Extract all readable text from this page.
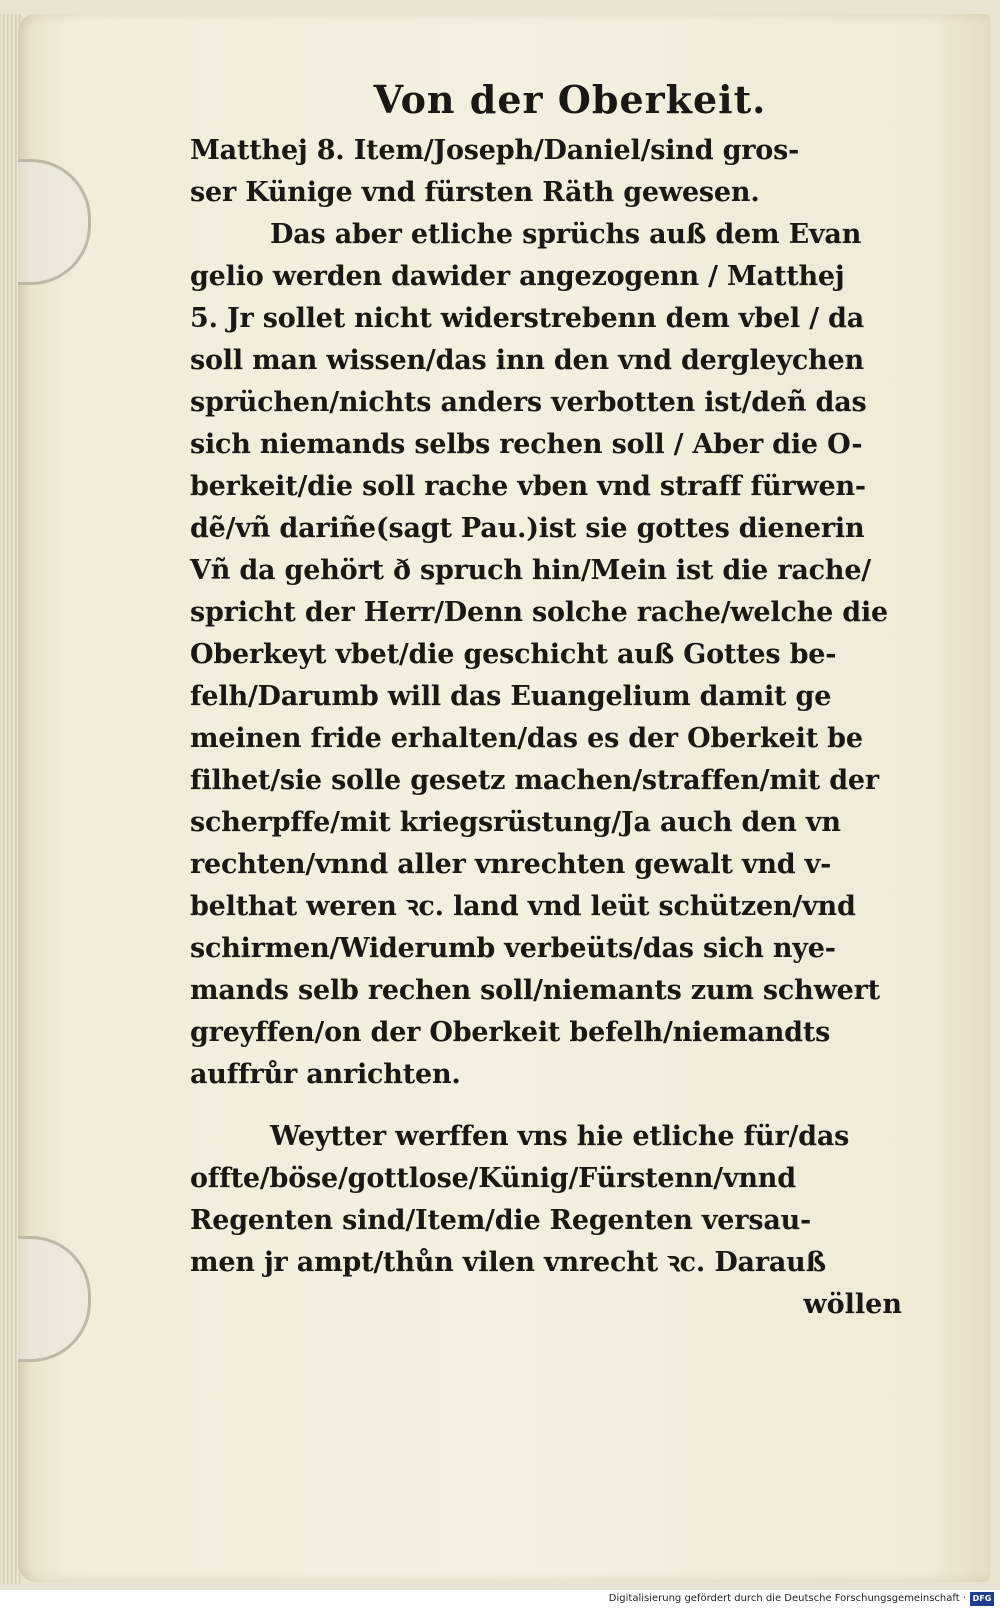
Von der Oberkeit.
Matthej 8. Item/Joseph/Daniel/sind gros-
ser Künige vnd fürsten Räth gewesen.
Das aber etliche sprüchs auß dem Evan
gelio werden dawider angezogenn / Matthej
5. Jr sollet nicht widerstrebenn dem vbel / da
soll man wissen/das inn den vnd dergleychen
sprüchen/nichts anders verbotten ist/deñ das
sich niemands selbs rechen soll / Aber die O-
berkeit/die soll rache vben vnd straff fürwen-
dẽ/vñ dariñe(sagt Pau.)ist sie gottes dienerin
Vñ da gehört ð spruch hin/Mein ist die rache/
spricht der Herr/Denn solche rache/welche die
Oberkeyt vbet/die geschicht auß Gottes be-
felh/Darumb will das Euangelium damit ge
meinen fride erhalten/das es der Oberkeit be
filhet/sie solle gesetz machen/straffen/mit der
scherpffe/mit kriegsrüstung/Ja auch den vn
rechten/vnnd aller vnrechten gewalt vnd v-
belthat weren ꝛc. land vnd leüt schützen/vnd
schirmen/Widerumb verbeüts/das sich nye-
mands selb rechen soll/niemants zum schwert
greyffen/on der Oberkeit befelh/niemandts
auffrůr anrichten.
Weytter werffen vns hie etliche für/das
offte/böse/gottlose/Künig/Fürstenn/vnnd
Regenten sind/Item/die Regenten versau-
men jr ampt/thůn vilen vnrecht ꝛc. Darauß
wöllen
Digitalisierung gefördert durch die Deutsche Forschungsgemeinschaft · DFG
